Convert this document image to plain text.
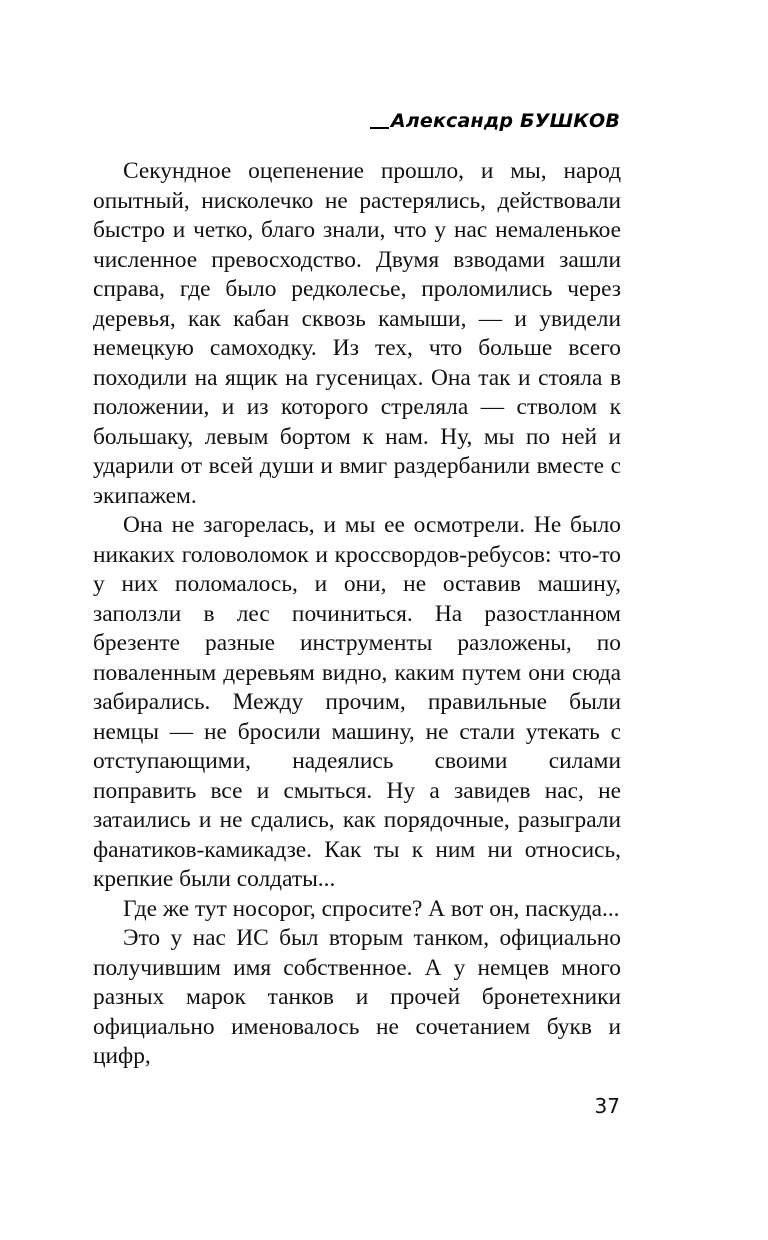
Александр БУШКОВ

Секундное оцепенение прошло, и мы, народ опытный, нисколечко не растерялись, действовали быстро и четко, благо знали, что у нас немаленькое численное превосходство. Двумя взводами зашли справа, где было редколесье, проломились через деревья, как кабан сквозь камыши, — и увидели немецкую самоходку. Из тех, что больше всего походили на ящик на гусеницах. Она так и стояла в положении, и из которого стреляла — стволом к большаку, левым бортом к нам. Ну, мы по ней и ударили от всей души и вмиг раздербанили вместе с экипажем.

Она не загорелась, и мы ее осмотрели. Не было никаких головоломок и кроссвордов-ребусов: что-то у них поломалось, и они, не оставив машину, заползли в лес починиться. На разостланном брезенте разные инструменты разложены, по поваленным деревьям видно, каким путем они сюда забирались. Между прочим, правильные были немцы — не бросили машину, не стали утекать с отступающими, надеялись своими силами поправить все и смыться. Ну а завидев нас, не затаились и не сдались, как порядочные, разыграли фанатиков-камикадзе. Как ты к ним ни относись, крепкие были солдаты...

Где же тут носорог, спросите? А вот он, паскуда...

Это у нас ИС был вторым танком, официально получившим имя собственное. А у немцев много разных марок танков и прочей бронетехники официально именовалось не сочетанием букв и цифр,

37
